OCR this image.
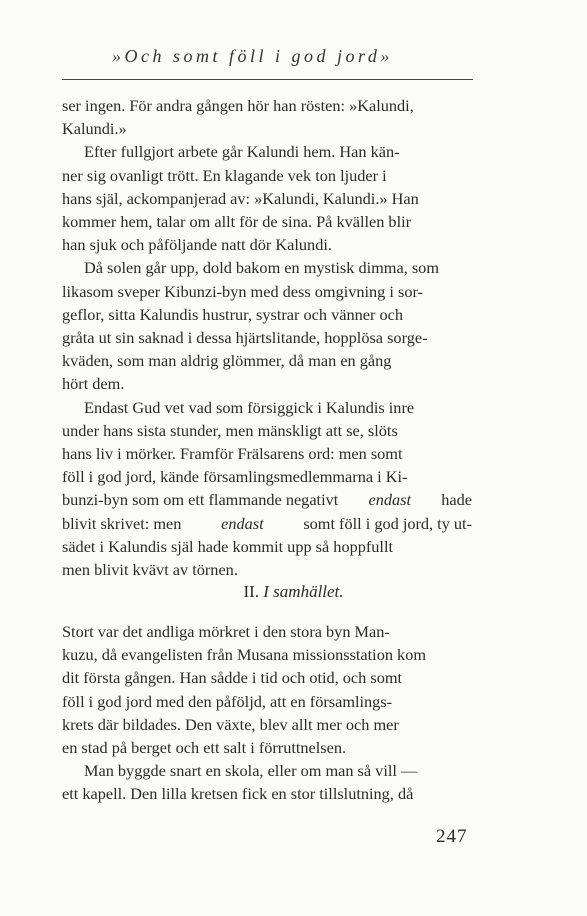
»Och somt föll i god jord»
ser ingen. För andra gången hör han rösten: »Kalundi,
Kalundi.»
Efter fullgjort arbete går Kalundi hem. Han kän-
ner sig ovanligt trött. En klagande vek ton ljuder i
hans själ, ackompanjerad av: »Kalundi, Kalundi.» Han
kommer hem, talar om allt för de sina. På kvällen blir
han sjuk och påföljande natt dör Kalundi.
Då solen går upp, dold bakom en mystisk dimma, som
likasom sveper Kibunzi-byn med dess omgivning i sor-
geflor, sitta Kalundis hustrur, systrar och vänner och
gråta ut sin saknad i dessa hjärtslitande, hopplösa sorge-
kväden, som man aldrig glömmer, då man en gång
hört dem.
Endast Gud vet vad som försiggick i Kalundis inre
under hans sista stunder, men mänskligt att se, slöts
hans liv i mörker. Framför Frälsarens ord: men somt
föll i god jord, kände församlingsmedlemmarna i Ki-
bunzi-byn som om ett flammande negativt endast hade
blivit skrivet: men endast somt föll i god jord, ty ut-
sädet i Kalundis själ hade kommit upp så hoppfullt
men blivit kvävt av törnen.
II. I samhället.
Stort var det andliga mörkret i den stora byn Man-
kuzu, då evangelisten från Musana missionsstation kom
dit första gången. Han sådde i tid och otid, och somt
föll i god jord med den påföljd, att en församlings-
krets där bildades. Den växte, blev allt mer och mer
en stad på berget och ett salt i förruttnelsen.
Man byggde snart en skola, eller om man så vill —
ett kapell. Den lilla kretsen fick en stor tillslutning, då
247
